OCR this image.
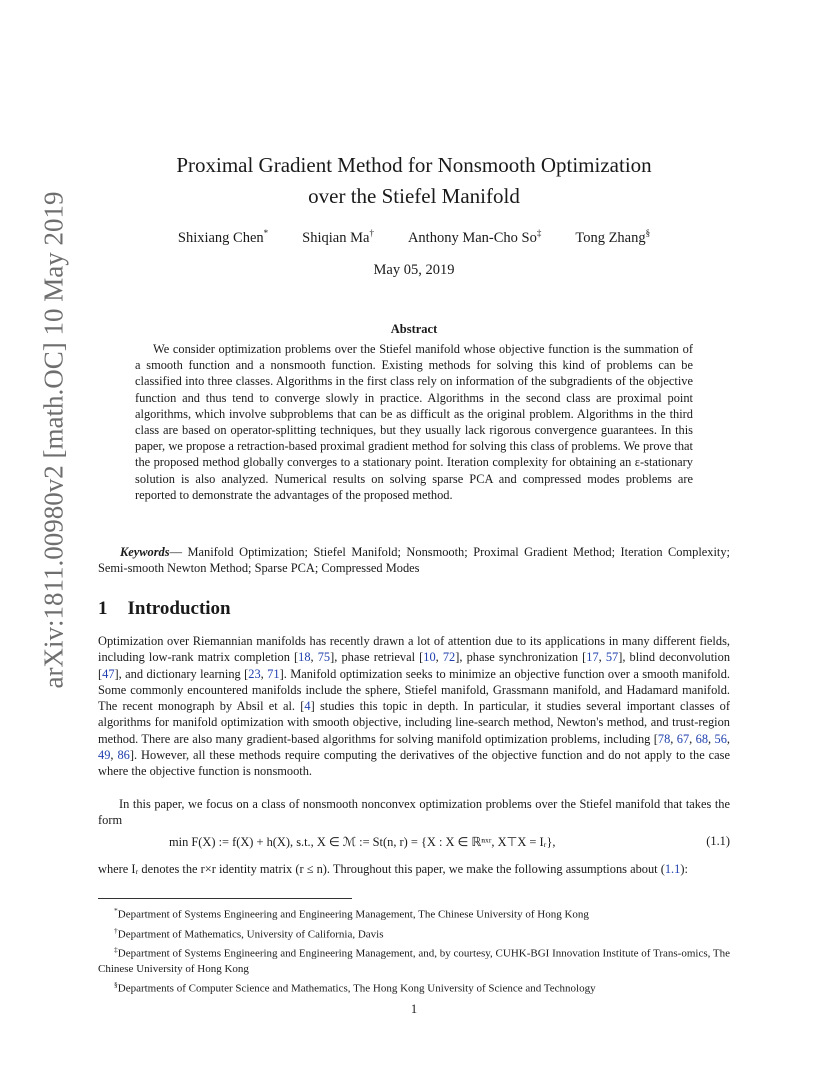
arXiv:1811.00980v2 [math.OC] 10 May 2019
Proximal Gradient Method for Nonsmooth Optimization
over the Stiefel Manifold
Shixiang Chen* Shiqian Ma† Anthony Man-Cho So‡ Tong Zhang§
May 05, 2019
Abstract
We consider optimization problems over the Stiefel manifold whose objective function is the summation of a smooth function and a nonsmooth function. Existing methods for solving this kind of problems can be classified into three classes. Algorithms in the first class rely on information of the subgradients of the objective function and thus tend to converge slowly in practice. Algorithms in the second class are proximal point algorithms, which involve subproblems that can be as difficult as the original problem. Algorithms in the third class are based on operator-splitting techniques, but they usually lack rigorous convergence guarantees. In this paper, we propose a retraction-based proximal gradient method for solving this class of problems. We prove that the proposed method globally converges to a stationary point. Iteration complexity for obtaining an ε-stationary solution is also analyzed. Numerical results on solving sparse PCA and compressed modes problems are reported to demonstrate the advantages of the proposed method.
Keywords— Manifold Optimization; Stiefel Manifold; Nonsmooth; Proximal Gradient Method; Iteration Complexity; Semi-smooth Newton Method; Sparse PCA; Compressed Modes
1 Introduction
Optimization over Riemannian manifolds has recently drawn a lot of attention due to its applications in many different fields, including low-rank matrix completion [18, 75], phase retrieval [10, 72], phase synchronization [17, 57], blind deconvolution [47], and dictionary learning [23, 71]. Manifold optimization seeks to minimize an objective function over a smooth manifold. Some commonly encountered manifolds include the sphere, Stiefel manifold, Grassmann manifold, and Hadamard manifold. The recent monograph by Absil et al. [4] studies this topic in depth. In particular, it studies several important classes of algorithms for manifold optimization with smooth objective, including line-search method, Newton's method, and trust-region method. There are also many gradient-based algorithms for solving manifold optimization problems, including [78, 67, 68, 56, 49, 86]. However, all these methods require computing the derivatives of the objective function and do not apply to the case where the objective function is nonsmooth.
In this paper, we focus on a class of nonsmooth nonconvex optimization problems over the Stiefel manifold that takes the form
min F(X) := f(X) + h(X), s.t., X ∈ ℳ := St(n, r) = {X : X ∈ ℝⁿˣʳ, X⊤X = Iᵣ},	(1.1)
where Iᵣ denotes the r×r identity matrix (r ≤ n). Throughout this paper, we make the following assumptions about (1.1):
*Department of Systems Engineering and Engineering Management, The Chinese University of Hong Kong
†Department of Mathematics, University of California, Davis
‡Department of Systems Engineering and Engineering Management, and, by courtesy, CUHK-BGI Innovation Institute of Trans-omics, The Chinese University of Hong Kong
§Departments of Computer Science and Mathematics, The Hong Kong University of Science and Technology
1
